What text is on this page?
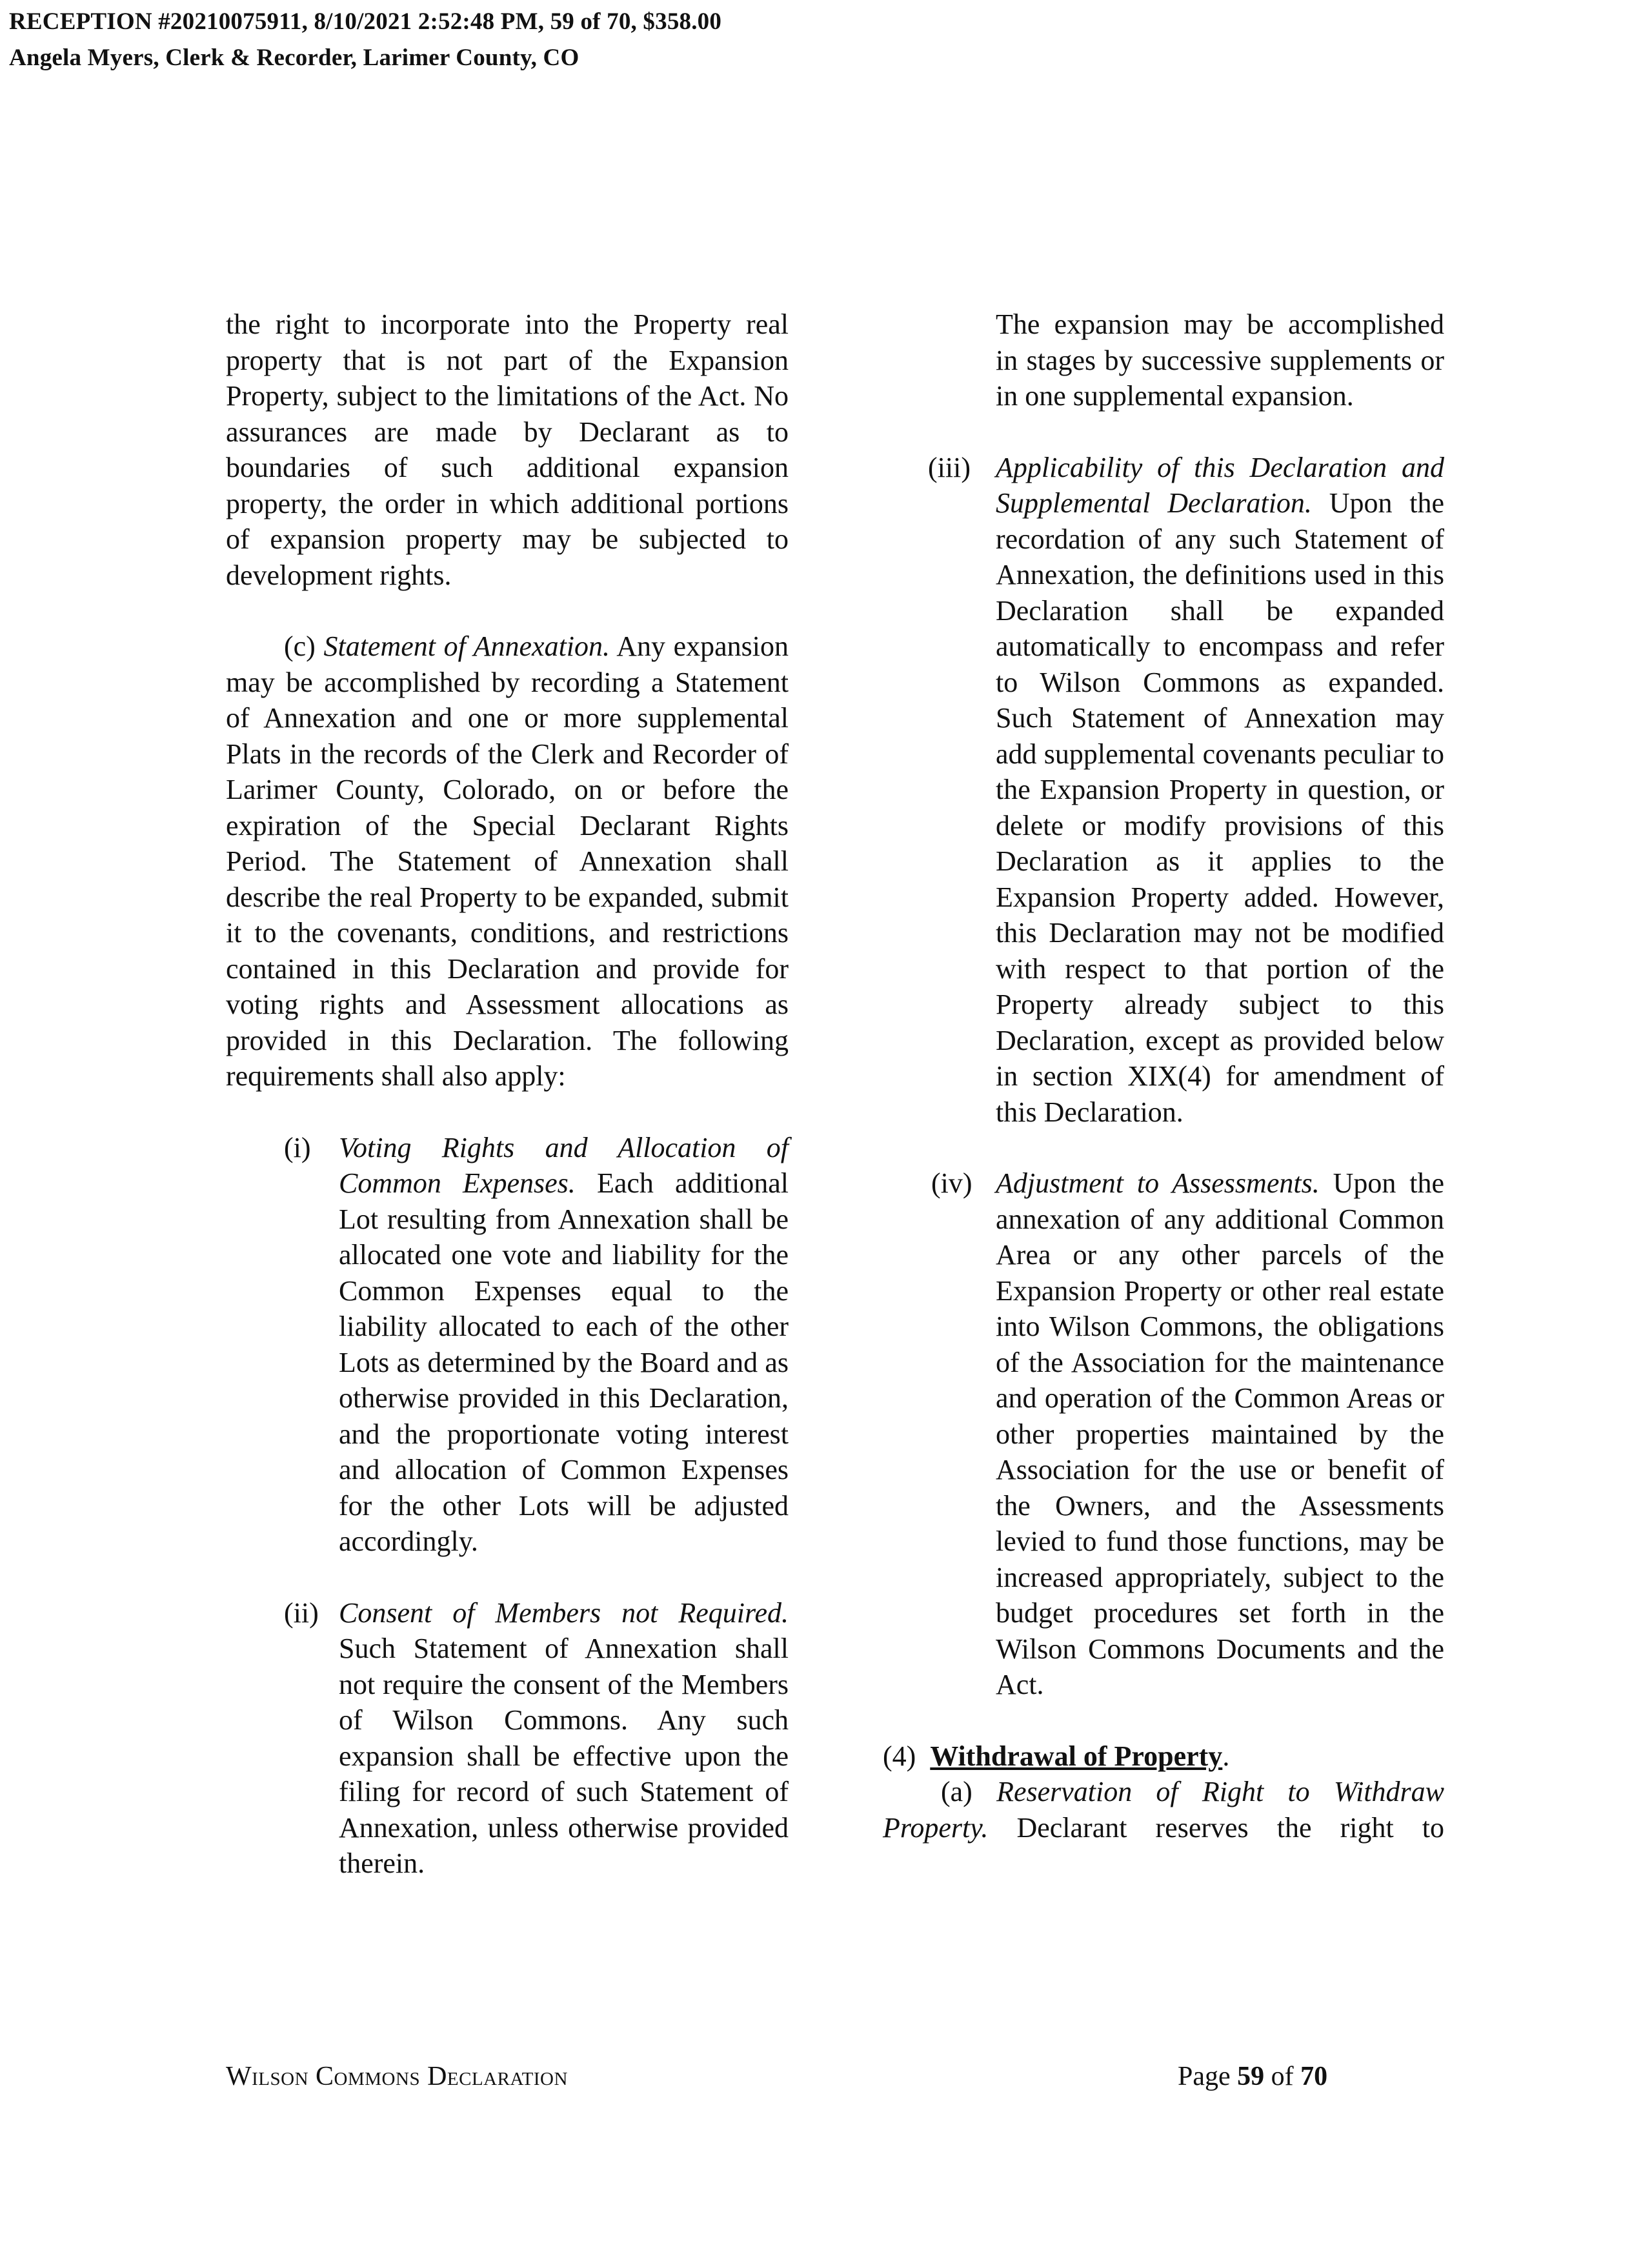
RECEPTION #20210075911, 8/10/2021 2:52:48 PM, 59 of 70, $358.00
Angela Myers, Clerk & Recorder, Larimer County, CO

the right to incorporate into the Property real property that is not part of the Expansion Property, subject to the limitations of the Act. No assurances are made by Declarant as to boundaries of such additional expansion property, the order in which additional portions of expansion property may be subjected to development rights.

(c) Statement of Annexation. Any expansion may be accomplished by recording a Statement of Annexation and one or more supplemental Plats in the records of the Clerk and Recorder of Larimer County, Colorado, on or before the expiration of the Special Declarant Rights Period. The Statement of Annexation shall describe the real Property to be expanded, submit it to the covenants, conditions, and restrictions contained in this Declaration and provide for voting rights and Assessment allocations as provided in this Declaration. The following requirements shall also apply:

(i) Voting Rights and Allocation of Common Expenses. Each additional Lot resulting from Annexation shall be allocated one vote and liability for the Common Expenses equal to the liability allocated to each of the other Lots as determined by the Board and as otherwise provided in this Declaration, and the proportionate voting interest and allocation of Common Expenses for the other Lots will be adjusted accordingly.

(ii) Consent of Members not Required. Such Statement of Annexation shall not require the consent of the Members of Wilson Commons. Any such expansion shall be effective upon the filing for record of such Statement of Annexation, unless otherwise provided therein.

The expansion may be accomplished in stages by successive supplements or in one supplemental expansion.

(iii) Applicability of this Declaration and Supplemental Declaration. Upon the recordation of any such Statement of Annexation, the definitions used in this Declaration shall be expanded automatically to encompass and refer to Wilson Commons as expanded. Such Statement of Annexation may add supplemental covenants peculiar to the Expansion Property in question, or delete or modify provisions of this Declaration as it applies to the Expansion Property added. However, this Declaration may not be modified with respect to that portion of the Property already subject to this Declaration, except as provided below in section XIX(4) for amendment of this Declaration.

(iv) Adjustment to Assessments. Upon the annexation of any additional Common Area or any other parcels of the Expansion Property or other real estate into Wilson Commons, the obligations of the Association for the maintenance and operation of the Common Areas or other properties maintained by the Association for the use or benefit of the Owners, and the Assessments levied to fund those functions, may be increased appropriately, subject to the budget procedures set forth in the Wilson Commons Documents and the Act.

(4) Withdrawal of Property.

(a) Reservation of Right to Withdraw Property. Declarant reserves the right to

Wilson Commons Declaration	Page 59 of 70
